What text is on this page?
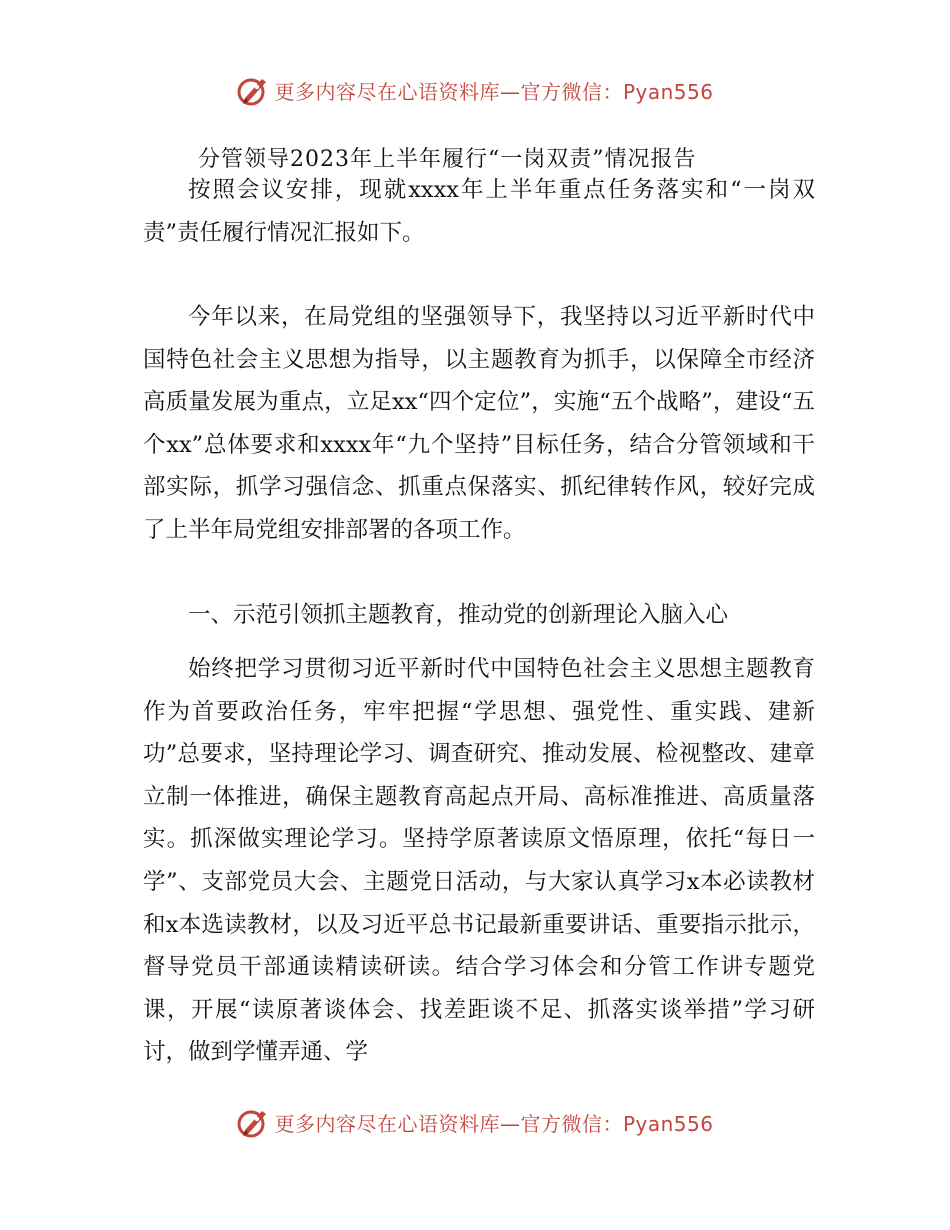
更多内容尽在心语资料库—官方微信：Pyan556
分管领导2023年上半年履行“一岗双责”情况报告

按照会议安排，现就xxxx年上半年重点任务落实和“一岗双责”责任履行情况汇报如下。

今年以来，在局党组的坚强领导下，我坚持以习近平新时代中国特色社会主义思想为指导，以主题教育为抓手，以保障全市经济高质量发展为重点，立足xx“四个定位”，实施“五个战略”，建设“五个xx”总体要求和xxxx年“九个坚持”目标任务，结合分管领域和干部实际，抓学习强信念、抓重点保落实、抓纪律转作风，较好完成了上半年局党组安排部署的各项工作。

一、示范引领抓主题教育，推动党的创新理论入脑入心

始终把学习贯彻习近平新时代中国特色社会主义思想主题教育作为首要政治任务，牢牢把握“学思想、强党性、重实践、建新功”总要求，坚持理论学习、调查研究、推动发展、检视整改、建章立制一体推进，确保主题教育高起点开局、高标准推进、高质量落实。抓深做实理论学习。坚持学原著读原文悟原理，依托“每日一学”、支部党员大会、主题党日活动，与大家认真学习x本必读教材和x本选读教材，以及习近平总书记最新重要讲话、重要指示批示，督导党员干部通读精读研读。结合学习体会和分管工作讲专题党课，开展“读原著谈体会、找差距谈不足、抓落实谈举措”学习研讨，做到学懂弄通、学

更多内容尽在心语资料库—官方微信：Pyan556
